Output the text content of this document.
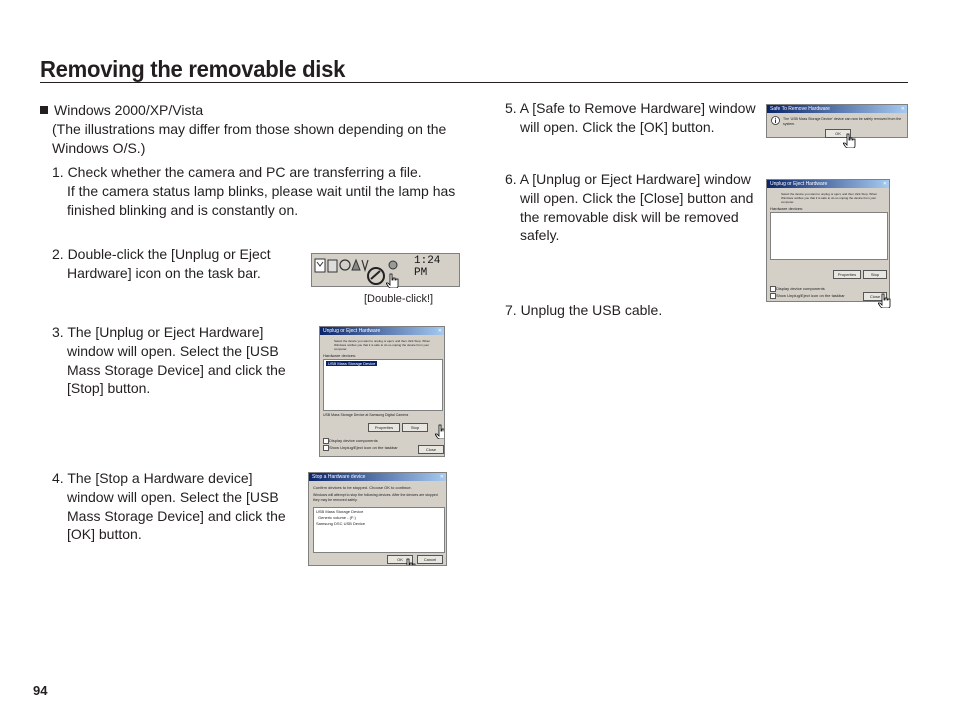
Removing the removable disk
Windows 2000/XP/Vista
(The illustrations may differ from those shown depending on the
Windows O/S.)
1. Check whether the camera and PC are transferring a file.
If the camera status lamp blinks, please wait until the lamp has
finished blinking and is constantly on.
2. Double-click the [Unplug or Eject
Hardware] icon on the task bar.
3. The [Unplug or Eject Hardware]
window will open. Select the [USB
Mass Storage Device] and click the
[Stop] button.
4. The [Stop a Hardware device]
window will open. Select the [USB
Mass Storage Device] and click the
[OK] button.
5. A [Safe to Remove Hardware] window
will open. Click the [OK] button.
6. A [Unplug or Eject Hardware] window
will open. Click the [Close] button and
the removable disk will be removed
safely.
7. Unplug the USB cable.
1:24 PM
[Double-click!]
Unplug or Eject Hardware	✕
Select the device you want to unplug or eject, and then click Stop. When Windows notifies you that it is safe to do so unplug the device from your computer.
Hardware devices:
USB Mass Storage Device
USB Mass Storage Device at Samsung Digital Camera
Properties	Stop
Display device components
Show Unplug/Eject icon on the taskbar	Close
Stop a Hardware device	✕
Confirm devices to be stopped. Choose OK to continue.
Windows will attempt to stop the following devices. After the devices are stopped they may be removed safely.
USB Mass Storage Device
Generic volume - (F:)
Samsung DSC USB Device
OK	Cancel
Safe To Remove Hardware	✕
The 'USB Mass Storage Device' device can now be safely removed from the system.
OK
Unplug or Eject Hardware	✕
Select the device you want to unplug or eject, and then click Stop. When Windows notifies you that it is safe to do so unplug the device from your computer.
Hardware devices:
Properties	Stop
Display device components
Show Unplug/Eject icon on the taskbar	Close
94
